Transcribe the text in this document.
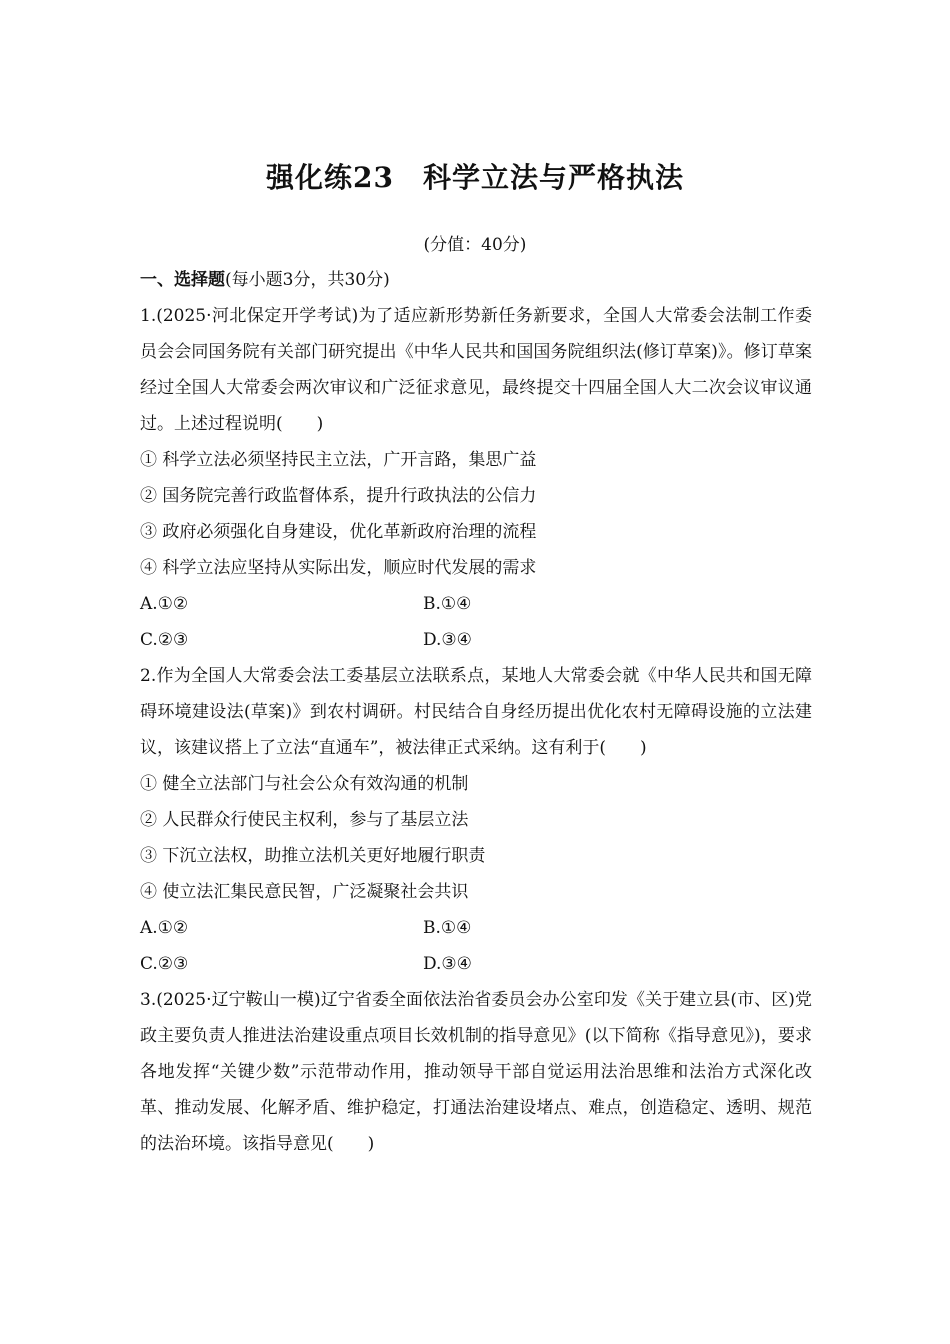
强化练23　科学立法与严格执法
(分值：40分)
一、选择题(每小题3分，共30分)
1.(2025·河北保定开学考试)为了适应新形势新任务新要求，全国人大常委会法制工作委员会会同国务院有关部门研究提出《中华人民共和国国务院组织法(修订草案)》。修订草案经过全国人大常委会两次审议和广泛征求意见，最终提交十四届全国人大二次会议审议通过。上述过程说明(　　)
① 科学立法必须坚持民主立法，广开言路，集思广益
② 国务院完善行政监督体系，提升行政执法的公信力
③ 政府必须强化自身建设，优化革新政府治理的流程
④ 科学立法应坚持从实际出发，顺应时代发展的需求
A.①②	B.①④
C.②③	D.③④
2.作为全国人大常委会法工委基层立法联系点，某地人大常委会就《中华人民共和国无障碍环境建设法(草案)》到农村调研。村民结合自身经历提出优化农村无障碍设施的立法建议，该建议搭上了立法“直通车”，被法律正式采纳。这有利于(　　)
① 健全立法部门与社会公众有效沟通的机制
② 人民群众行使民主权利，参与了基层立法
③ 下沉立法权，助推立法机关更好地履行职责
④ 使立法汇集民意民智，广泛凝聚社会共识
A.①②	B.①④
C.②③	D.③④
3.(2025·辽宁鞍山一模)辽宁省委全面依法治省委员会办公室印发《关于建立县(市、区)党政主要负责人推进法治建设重点项目长效机制的指导意见》(以下简称《指导意见》)，要求各地发挥“关键少数”示范带动作用，推动领导干部自觉运用法治思维和法治方式深化改革、推动发展、化解矛盾、维护稳定，打通法治建设堵点、难点，创造稳定、透明、规范的法治环境。该指导意见(　　)
